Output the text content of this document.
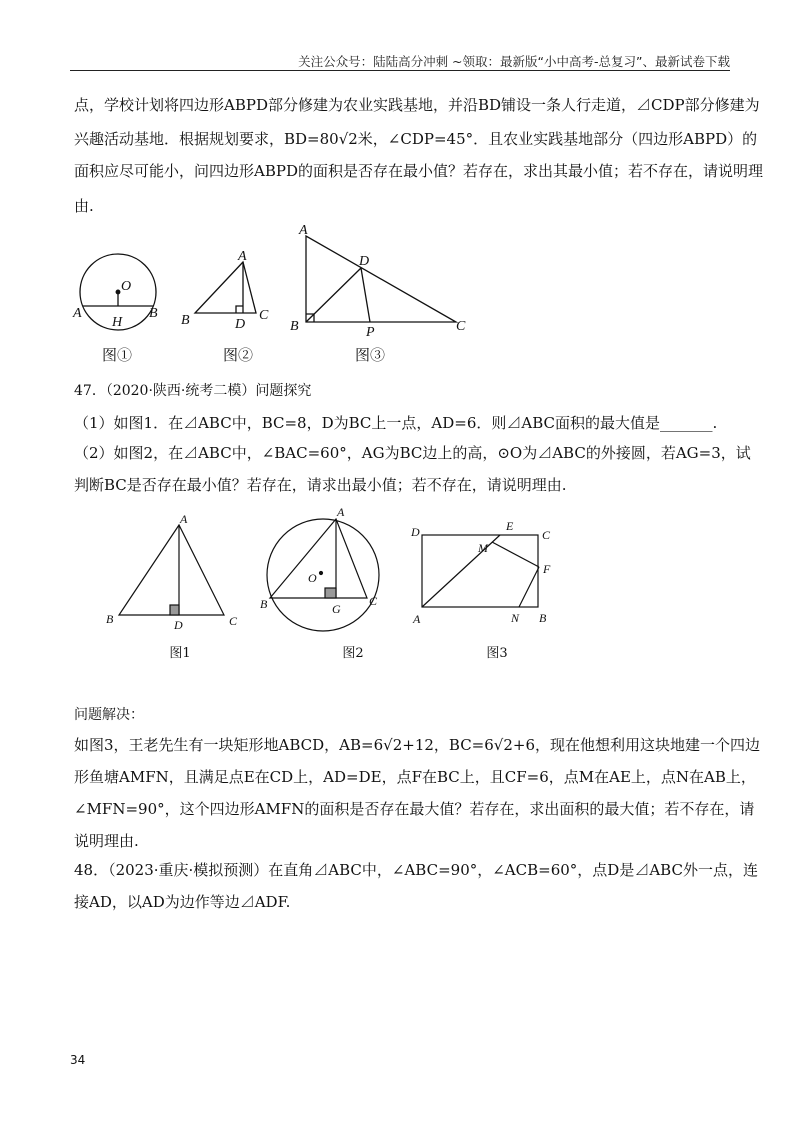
关注公众号：陆陆高分冲刺 ~领取：最新版“小中高考-总复习”、最新试卷下载
点，学校计划将四边形ABPD部分修建为农业实践基地，并沿BD铺设一条人行走道，⊿CDP部分修建为
兴趣活动基地．根据规划要求，BD=80√2米，∠CDP=45°．且农业实践基地部分（四边形ABPD）的
面积应尽可能小，问四边形ABPD的面积是否存在最小值？若存在，求出其最小值；若不存在，请说明理
由.
O
A
H
B
A
B	D
C
A
D
B	P	C
图①	图②	图③
47．（2020·陕西·统考二模）问题探究
（1）如图1．在⊿ABC中，BC=8，D为BC上一点，AD=6．则⊿ABC面积的最大值是_______.
（2）如图2，在⊿ABC中，∠BAC=60°，AG为BC边上的高，⊙O为⊿ABC的外接圆，若AG=3，试
判断BC是否存在最小值？若存在，请求出最小值；若不存在，请说明理由.
A
B	D	C
A
O
B	G
C
D	E
C
M
F
A	N B
图1	图2	图3
问题解决：
如图3，王老先生有一块矩形地ABCD，AB=6√2+12，BC=6√2+6，现在他想利用这块地建一个四边
形鱼塘AMFN，且满足点E在CD上，AD=DE，点F在BC上，且CF=6，点M在AE上，点N在AB上，
∠MFN=90°，这个四边形AMFN的面积是否存在最大值？若存在，求出面积的最大值；若不存在，请
说明理由.
48．（2023·重庆·模拟预测）在直角⊿ABC中，∠ABC=90°，∠ACB=60°，点D是⊿ABC外一点，连
接AD，以AD为边作等边⊿ADF.
34
